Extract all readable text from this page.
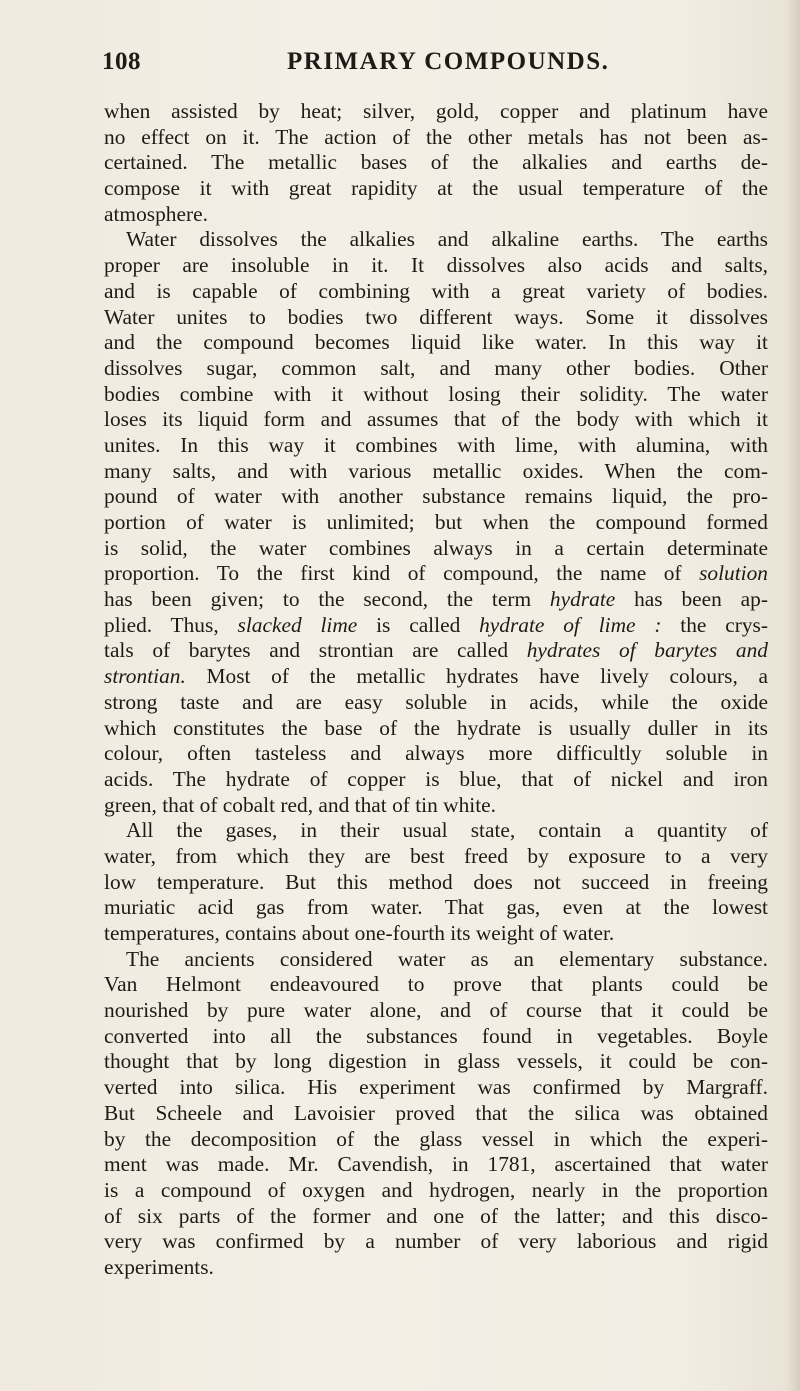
108	PRIMARY COMPOUNDS.
when assisted by heat; silver, gold, copper and platinum have
no effect on it. The action of the other metals has not been as-
certained. The metallic bases of the alkalies and earths de-
compose it with great rapidity at the usual temperature of the
atmosphere.
Water dissolves the alkalies and alkaline earths. The earths
proper are insoluble in it. It dissolves also acids and salts,
and is capable of combining with a great variety of bodies.
Water unites to bodies two different ways. Some it dissolves
and the compound becomes liquid like water. In this way it
dissolves sugar, common salt, and many other bodies. Other
bodies combine with it without losing their solidity. The water
loses its liquid form and assumes that of the body with which it
unites. In this way it combines with lime, with alumina, with
many salts, and with various metallic oxides. When the com-
pound of water with another substance remains liquid, the pro-
portion of water is unlimited; but when the compound formed
is solid, the water combines always in a certain determinate
proportion. To the first kind of compound, the name of solution
has been given; to the second, the term hydrate has been ap-
plied. Thus, slacked lime is called hydrate of lime : the crys-
tals of barytes and strontian are called hydrates of barytes and
strontian. Most of the metallic hydrates have lively colours, a
strong taste and are easy soluble in acids, while the oxide
which constitutes the base of the hydrate is usually duller in its
colour, often tasteless and always more difficultly soluble in
acids. The hydrate of copper is blue, that of nickel and iron
green, that of cobalt red, and that of tin white.
All the gases, in their usual state, contain a quantity of
water, from which they are best freed by exposure to a very
low temperature. But this method does not succeed in freeing
muriatic acid gas from water. That gas, even at the lowest
temperatures, contains about one-fourth its weight of water.
The ancients considered water as an elementary substance.
Van Helmont endeavoured to prove that plants could be
nourished by pure water alone, and of course that it could be
converted into all the substances found in vegetables. Boyle
thought that by long digestion in glass vessels, it could be con-
verted into silica. His experiment was confirmed by Margraff.
But Scheele and Lavoisier proved that the silica was obtained
by the decomposition of the glass vessel in which the experi-
ment was made. Mr. Cavendish, in 1781, ascertained that water
is a compound of oxygen and hydrogen, nearly in the proportion
of six parts of the former and one of the latter; and this disco-
very was confirmed by a number of very laborious and rigid
experiments.
